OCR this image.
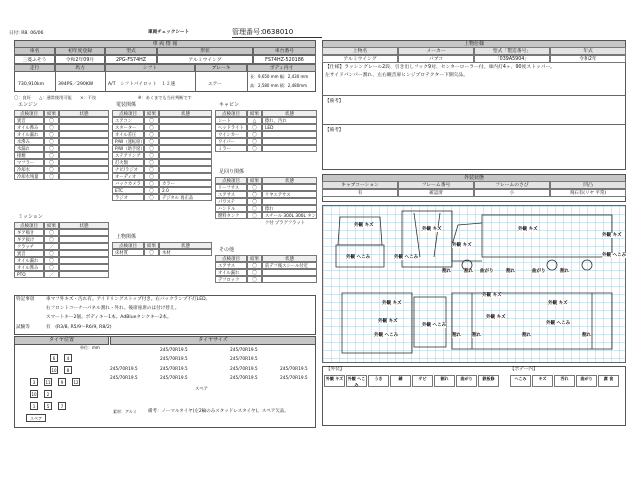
日付: R8. 06/06	車両チェックシート	管理番号：
0638010
車 両 情 報
車名	初年度登録	型式	形状	車台番号
三菱ふそう	令和2年09月	2PG-FS74HZ	アルミウイング	FS74HZ-520186
走行	馬力	シフト	ブレーキ	ボディ内寸
730,910km	394PS／290KW	A/T　シフトパイロット　１２速	エアー
長：9,650 mm 幅：2,430 mm
高：2,580 mm 積：2,480mm
〇：良好　　△：通常使用可能　　×：不良　　　　　　　　　　※：あくまでも当社判断です
エンジン
点検項目	結果	状態
異音	〇
オイル滲み	〇
オイル漏れ	〇
水滲み	〇
水漏れ	〇
排煙	〇
マフラー	〇
冷却水	〇
冷却水残量	〇
電装関係
点検項目	結果	状態
エアコン	〇
スターター	〇
オイル差圧	〇
P/W（運転席） 〇
P/W（助手席） 〇
ステアリング	〇
灯火類	〇
ナビ/ラジオ	〇
オーディオ	〇
バックカメラ	〇	カラー
ETC	〇	2.0
ラジオ	〇	デジタル 再正品
キャビン
点検項目	結果	状態
シート	△	擦れ、汚れ
ヘッドライト	〇	LED
ウインカー	〇
ワイパー	〇
ミラー	〇
足回り関係
点検項目	結果	状態
リーフサス	〇
エアサス	〇	リヤエアサス
パワステ	〇
ハンドル	〇	擦れ
燃料タンク	〇	スチール 300L 300L タンク付 プラグフラット
ミッション
点検項目	結果	状態
ギア鳴き	〇
ギア抜け	〇
クラッチ	／
異音	〇
オイル漏れ	〇
オイル滲み	〇
PTO	／
上物関係
点検項目	結果	状態
床材質	〇	木材
その他
点検項目	結果	状態
エアサス	〇	前デフ後スシール付近
オイル漏れ	〇
デフロック	〇
特記事項	車マフ外キズ・汚れ有。アイドリングストップ付き。右バックランプ不灯LED。
右フロントコーナーパネル割れ・外れ。後席座席のは付け替え。
スマートキー2個。ボディキー1本。AdBlueタンクキー2本。
試験等	有　(R3/8, R5/9〜R6/9, R8/2)
タイヤ位置	タイヤサイズ
単位：mm
6	4
10	8
3	11	9	12
10	2
1	5	7
スペア
245/70R19.5	245/70R19.5
245/70R19.5	245/70R19.5
245/70R19.5	245/70R19.5	245/70R19.5	245/70R19.5
245/70R19.5	245/70R19.5	245/70R19.5	245/70R19.5
スペア
素材：アルミ 備考：ノーマルタイヤ(左2輪のみスタッドレスタイヤ)。スペア欠品。
上物仕様
上物名	メーカー	型式「製造番号」	年式
アルミウイング	パブコ	「039A5904」	令和2年
【仕様】ラッシングレール2段、引き出しフック9対、センターローラー付。庫内灯4ヶ、90度ストッパー。
左サイドバンパー割れ、左右観音扉ヒンジプロテクター下側欠品。
【備考】
【備考】
外装状態
キャブコーション	フレーム番号	フレームのさび	凹凸
有	確認済	小	飛石有(リヤ 平常)
外観 キズ
外観 キズ
外観 へこみ
外観 キズ
外観 へこみ
割れ
外観 キズ
割れ 曲がり	割れ	曲がり	割れ
外観 キズ
外観 へこみ
外観 キズ
外観 キズ
外観 キズ
外観 へこみ
外観 キズ
外観 キズ
外観 へこみ
割れ
割れ	割れ
外観 へこみ	割れ
【外装】	【ボデー内】
外観 キズ	外観 へこみ
うき	錆	サビ	割れ	曲がり	鉄板修	ヘこみ	キズ	汚れ	曲がり	腐 食
